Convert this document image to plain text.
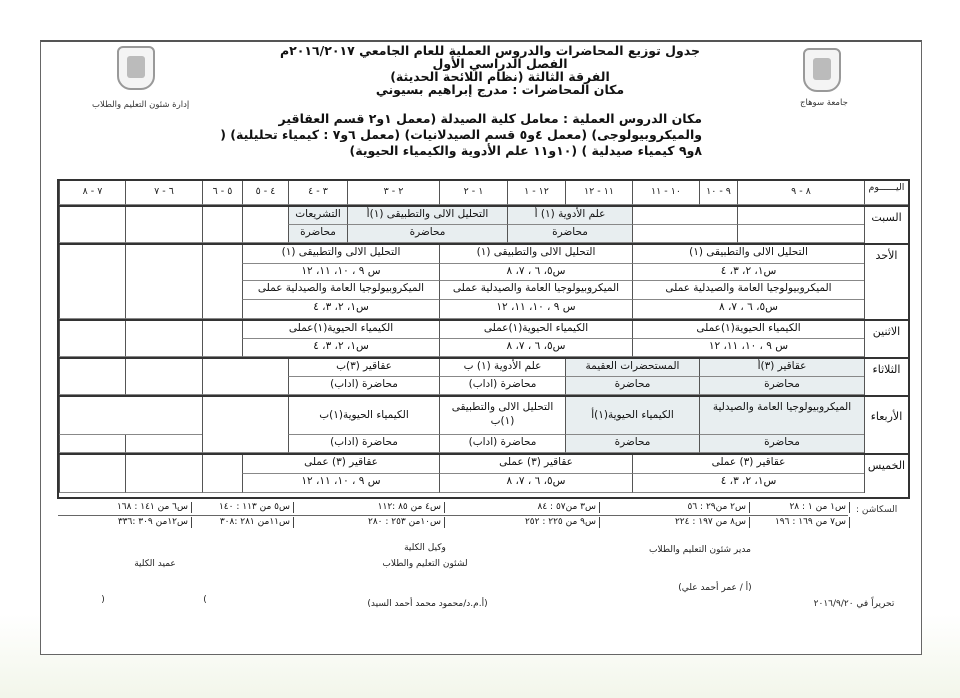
جامعة سوهاج
إدارة شئون التعليم والطلاب
جدول توزيع المحاضرات والدروس العملية للعام الجامعي ٢٠١٦/٢٠١٧م
الفصل الدراسي الأول
الفرقة الثالثة (نظام اللائحة الحديثة)
مكان المحاضرات : مدرج إبراهيم بسيوني
مكان الدروس العملية : معامل كلية الصيدلة (معمل ١و٢ قسم العقاقير والميكروبيولوجى) (معمل ٤و٥ قسم الصيدلانيات) (معمل ٦و٧ : كيمياء تحليلية) ( ٨و٩ كيمياء صيدلية ) (١٠و١١ علم الأدوية والكيمياء الحيوية)
اليــــــوم
٨ - ٩
٩ - ١٠
١٠ - ١١
١١ - ١٢
١٢ - ١
١ - ٢
٢ - ٣
٣ - ٤
٤ - ٥
٥ - ٦
٦ - ٧
٧ - ٨
السبت
علم الأدوية (١) أ
محاضرة
التحليل الالى والتطبيقى (١)أ
محاضرة
التشريعات
محاضرة
الأحد
التحليل الالى والتطبيقى (١)
س١، ٢، ٣، ٤
الميكروبيولوجيا العامة والصيدلية عملى
س٥، ٦ ، ٧، ٨
التحليل الالى والتطبيقى (١)
س٥، ٦ ، ٧، ٨
الميكروبيولوجيا العامة والصيدلية عملى
س ٩ ، ١٠، ١١، ١٢
التحليل الالى والتطبيقى (١)
س ٩ ، ١٠، ١١، ١٢
الميكروبيولوجيا العامة والصيدلية عملى
س١، ٢، ٣، ٤
الاثنين
الكيمياء الحيوية(١)عملى
س ٩ ، ١٠، ١١، ١٢
الكيمياء الحيوية(١)عملى
س٥، ٦ ، ٧، ٨
الكيمياء الحيوية(١)عملى
س١، ٢، ٣، ٤
الثلاثاء
عقاقير (٣)أ
محاضرة
المستحضرات العقيمة
محاضرة
علم الأدوية (١) ب
محاضرة (اداب)
عقاقير (٣)ب
محاضرة (اداب)
الأربعاء
الميكروبيولوجيا العامة والصيدلية
محاضرة
الكيمياء الحيوية(١)أ
محاضرة
التحليل الالى والتطبيقى (١)ب
محاضرة (اداب)
الكيمياء الحيوية(١)ب
محاضرة (اداب)
الخميس
عقاقير (٣) عملى
س١، ٢، ٣، ٤
عقاقير (٣) عملى
س٥، ٦ ، ٧، ٨
عقاقير (٣) عملى
س ٩ ، ١٠، ١١، ١٢
السكاشن :
س١ من ١ : ٢٨
س٢ من٢٩ : ٥٦
س٣ من٥٧ : ٨٤
س٤ من ٨٥ :١١٢
س٥ من ١١٣ : ١٤٠
س٦ من ١٤١ : ١٦٨
س٧ من ١٦٩ : ١٩٦
س٨ من ١٩٧ : ٢٢٤
س٩ من ٢٢٥ : ٢٥٢
س١٠من ٢٥٣ : ٢٨٠
س١١من ٢٨١ :٣٠٨
س١٢من ٣٠٩ :٣٣٦
مدير شئون التعليم والطلاب
(أ / عمر أحمد علي)
تحريراً في ٢٠١٦/٩/٢٠
وكيل الكلية
لشئون التعليم والطلاب
(أ.م.د/محمود محمد أحمد السيد)
عميد الكلية
(	)
